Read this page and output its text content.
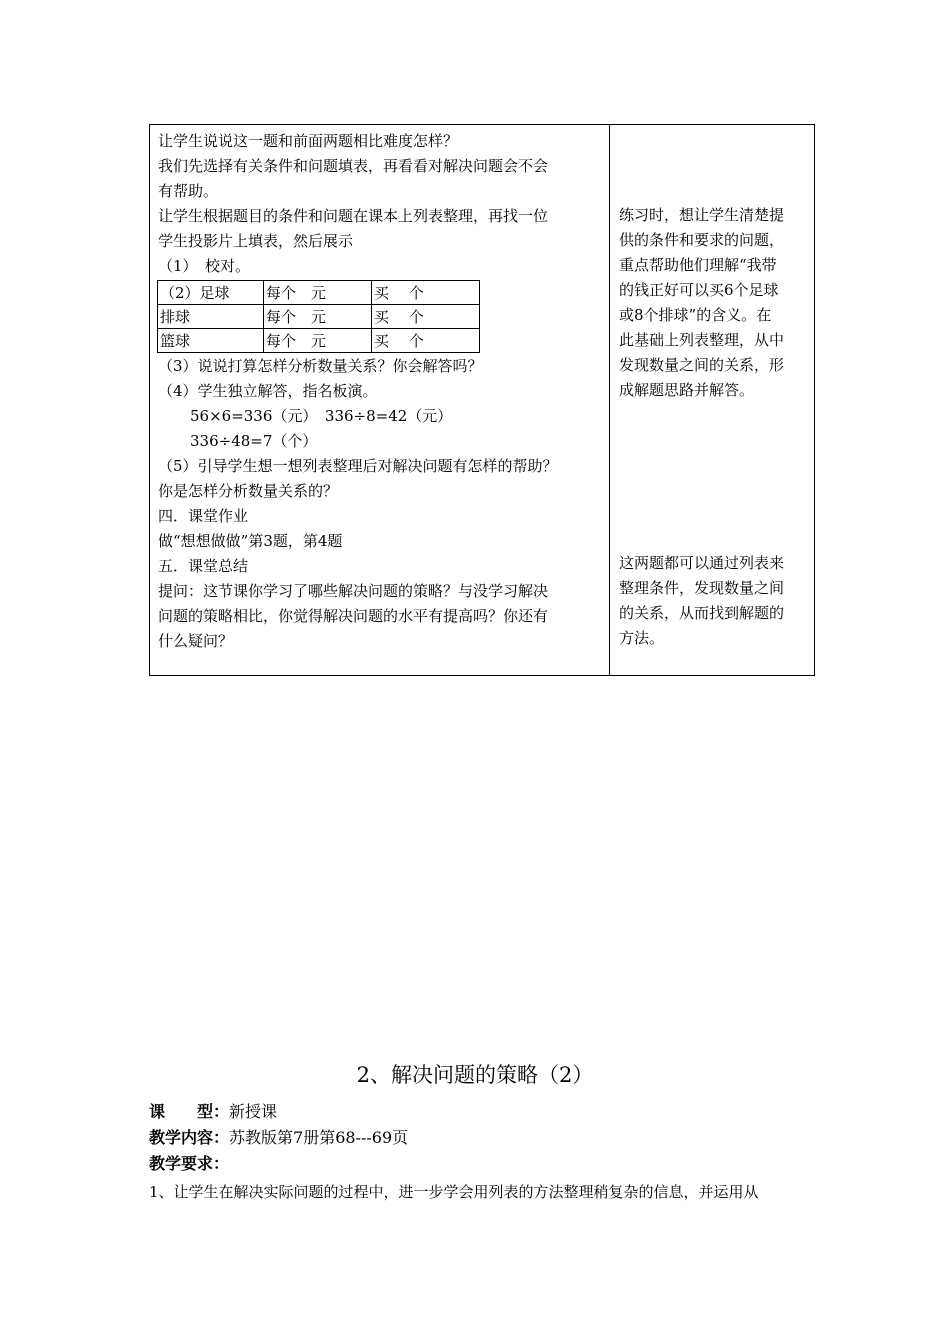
让学生说说这一题和前面两题相比难度怎样？
我们先选择有关条件和问题填表，再看看对解决问题会不会
有帮助。
让学生根据题目的条件和问题在课本上列表整理，再找一位
学生投影片上填表，然后展示
（1）　校对。
（2）足球	每个　元	买　 个
排球	每个　元	买　 个
篮球	每个　元	买　 个
（3）说说打算怎样分析数量关系？你会解答吗？
（4）学生独立解答，指名板演。
56×6=336（元）　336÷8=42（元）
336÷48=7（个）
（5）引导学生想一想列表整理后对解决问题有怎样的帮助？
你是怎样分析数量关系的？
四．课堂作业
做“想想做做”第3题，第4题
五．课堂总结
提问：这节课你学习了哪些解决问题的策略？与没学习解决
问题的策略相比，你觉得解决问题的水平有提高吗？你还有
什么疑问？
练习时，想让学生清楚提
供的条件和要求的问题，
重点帮助他们理解“我带
的钱正好可以买6个足球
或8个排球”的含义。在
此基础上列表整理，从中
发现数量之间的关系，形
成解题思路并解答。
这两题都可以通过列表来
整理条件，发现数量之间
的关系，从而找到解题的
方法。
2、解决问题的策略（2）
课　　型：新授课
教学内容：苏教版第7册第68---69页
教学要求：
1、让学生在解决实际问题的过程中，进一步学会用列表的方法整理稍复杂的信息，并运用从
